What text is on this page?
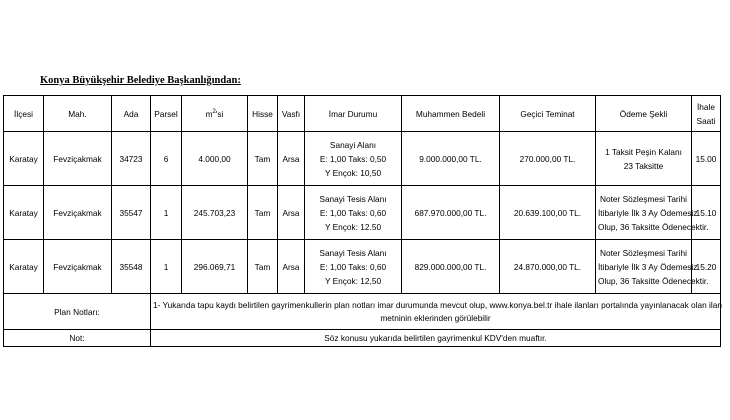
Konya Büyükşehir Belediye Başkanlığından:
İlçesi	Mah.	Ada	Parsel	$m^2'si$	Hisse	Vasfı	İmar Durumu	Muhammen Bedeli	Geçici Teminat	Ödeme Şekli	İhale
Saati

Karatay	Fevziçakmak	34723	6	4.000,00	Tam	Arsa	Sanayi Alanı
E: 1,00 Taks: 0,50
Y Ençok: 10,50	9.000.000,00 TL.	270.000,00 TL.	1 Taksit Peşin Kalanı
23 Taksitte	15.00
Karatay	Fevziçakmak	35547	1	245.703,23	Tam	Arsa	Sanayi Tesis Alanı
E: 1,00 Taks: 0,60
Y Ençok: 12.50	687.970.000,00 TL.	20.639.100,00 TL.	Noter Sözleşmesi Tarihi
İtibariyle İlk 3 Ay Ödemesiz
Olup, 36 Taksitte Ödenecektir.	15.10
Karatay	Fevziçakmak	35548	1	296.069,71	Tam	Arsa	Sanayi Tesis Alanı
E: 1,00 Taks: 0,60
Y Ençok: 12,50	829.000.000,00 TL.	24.870.000,00 TL.	Noter Sözleşmesi Tarihi
İtibariyle İlk 3 Ay Ödemesiz
Olup, 36 Taksitte Ödenecektir.	15.20
Plan Notları:			1- Yukarıda tapu kaydı belirtilen gayrimenkullerin plan notları imar durumunda mevcut olup, www.konya.bel.tr ihale ilanları portalında yayınlanacak olan ilan
metninin eklerinden görülebilir								

Not:			Söz konusu yukarıda belirtilen gayrimenkul KDV'den muaftır.								
